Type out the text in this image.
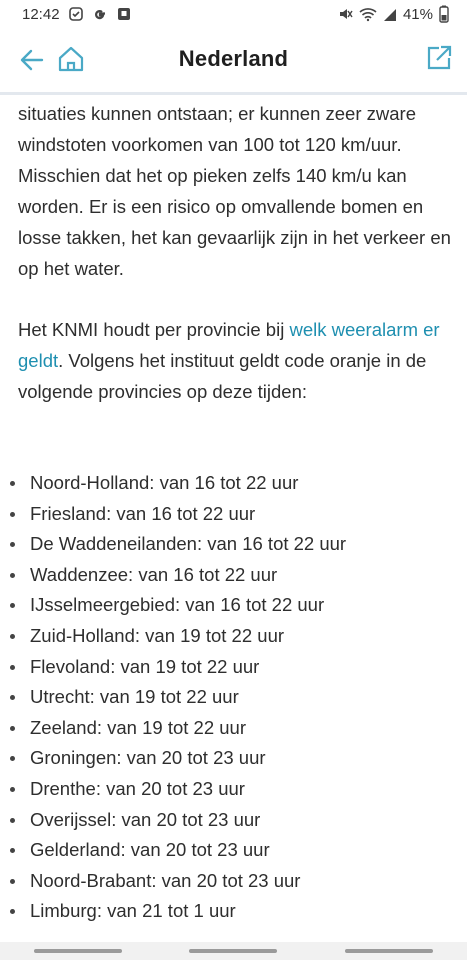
12:42	41%
Nederland

situaties kunnen ontstaan; er kunnen zeer zware windstoten voorkomen van 100 tot 120 km/uur. Misschien dat het op pieken zelfs 140 km/u kan worden. Er is een risico op omvallende bomen en losse takken, het kan gevaarlijk zijn in het verkeer en op het water.

Het KNMI houdt per provincie bij welk weeralarm er geldt. Volgens het instituut geldt code oranje in de volgende provincies op deze tijden:

Noord-Holland: van 16 tot 22 uur
Friesland: van 16 tot 22 uur
De Waddeneilanden: van 16 tot 22 uur
Waddenzee: van 16 tot 22 uur
IJsselmeergebied: van 16 tot 22 uur
Zuid-Holland: van 19 tot 22 uur
Flevoland: van 19 tot 22 uur
Utrecht: van 19 tot 22 uur
Zeeland: van 19 tot 22 uur
Groningen: van 20 tot 23 uur
Drenthe: van 20 tot 23 uur
Overijssel: van 20 tot 23 uur
Gelderland: van 20 tot 23 uur
Noord-Brabant: van 20 tot 23 uur
Limburg: van 21 tot 1 uur
